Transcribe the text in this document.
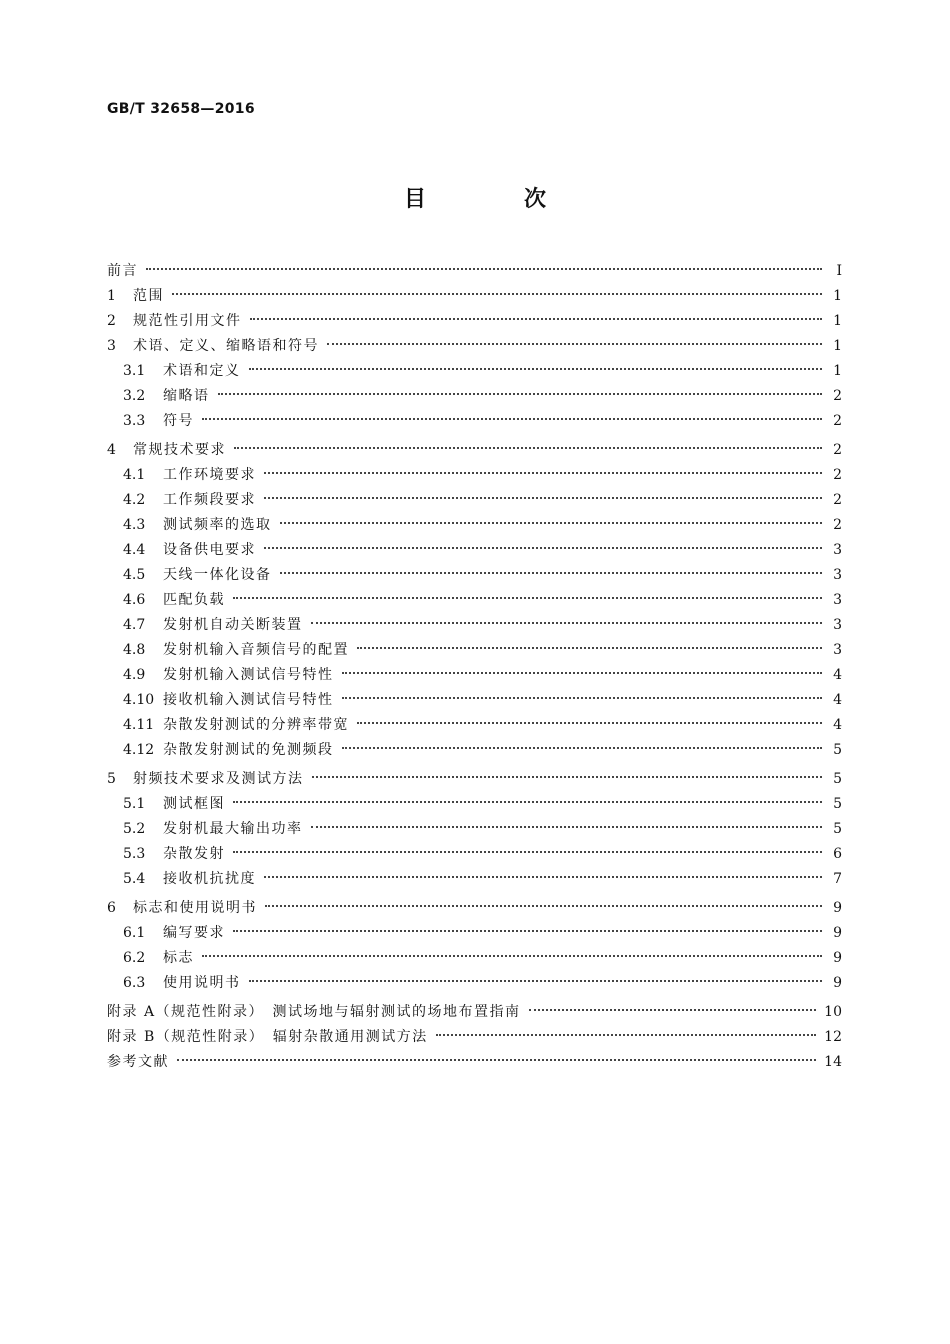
GB/T 32658—2016
目　次
前言	Ⅰ
1	范围	1
2	规范性引用文件	1
3	术语、定义、缩略语和符号	1
3.1	术语和定义	1
3.2	缩略语	2
3.3	符号	2
4	常规技术要求	2
4.1	工作环境要求	2
4.2	工作频段要求	2
4.3	测试频率的选取	2
4.4	设备供电要求	3
4.5	天线一体化设备	3
4.6	匹配负载	3
4.7	发射机自动关断装置	3
4.8	发射机输入音频信号的配置	3
4.9	发射机输入测试信号特性	4
4.10 接收机输入测试信号特性	4
4.11 杂散发射测试的分辨率带宽	4
4.12 杂散发射测试的免测频段	5
5	射频技术要求及测试方法	5
5.1	测试框图	5
5.2	发射机最大输出功率	5
5.3	杂散发射	6
5.4	接收机抗扰度	7
6	标志和使用说明书	9
6.1	编写要求	9
6.2	标志	9
6.3	使用说明书	9
附录 A（规范性附录）　测试场地与辐射测试的场地布置指南	10
附录 B（规范性附录）　辐射杂散通用测试方法	12
参考文献	14
